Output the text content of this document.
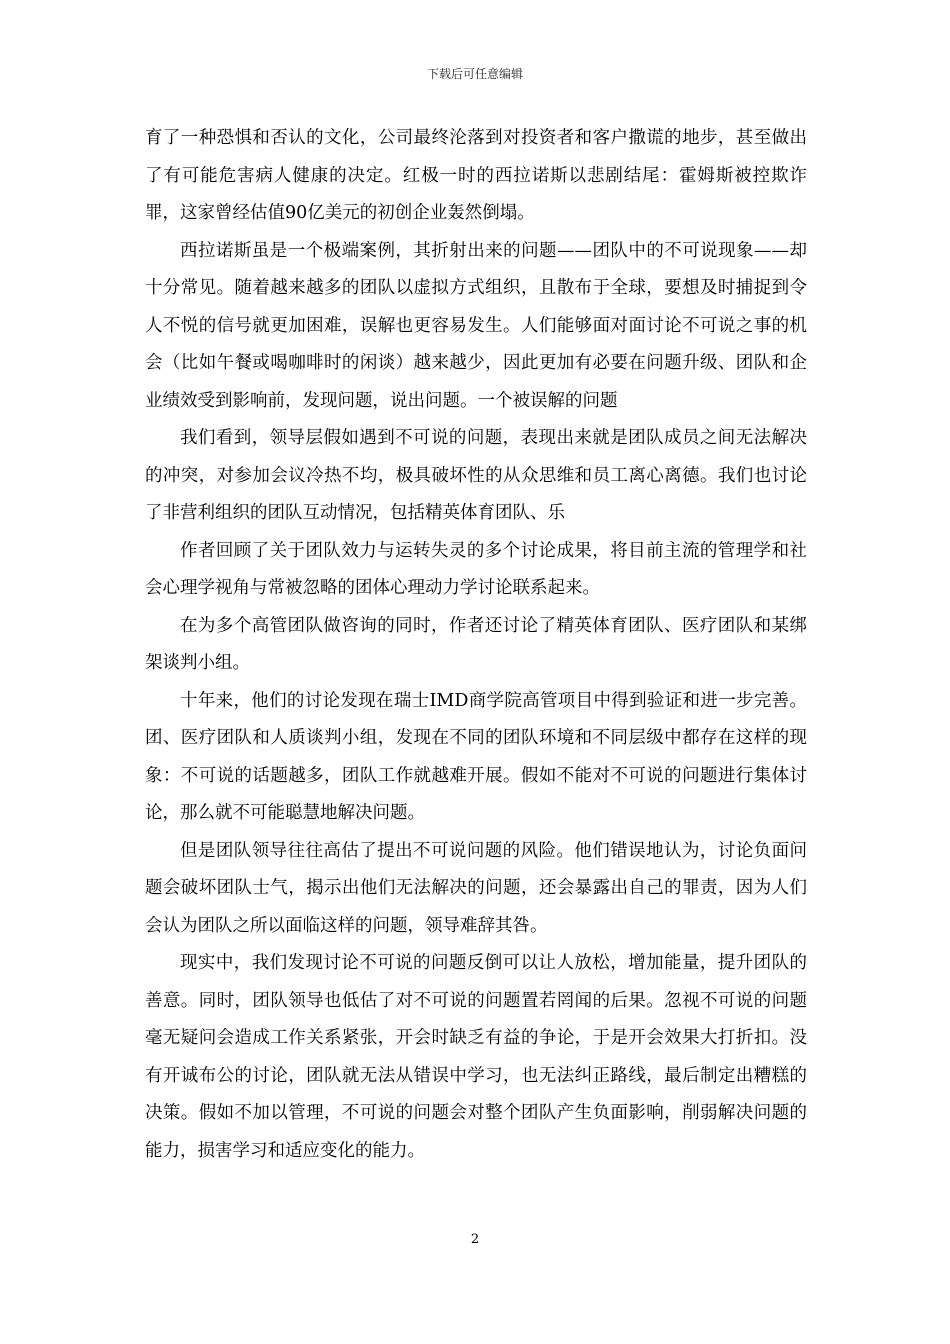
下载后可任意编辑

育了一种恐惧和否认的文化，公司最终沦落到对投资者和客户撒谎的地步，甚至做出了有可能危害病人健康的决定。红极一时的西拉诺斯以悲剧结尾：霍姆斯被控欺诈罪，这家曾经估值90亿美元的初创企业轰然倒塌。

西拉诺斯虽是一个极端案例，其折射出来的问题——团队中的不可说现象——却十分常见。随着越来越多的团队以虚拟方式组织，且散布于全球，要想及时捕捉到令人不悦的信号就更加困难，误解也更容易发生。人们能够面对面讨论不可说之事的机会（比如午餐或喝咖啡时的闲谈）越来越少，因此更加有必要在问题升级、团队和企业绩效受到影响前，发现问题，说出问题。一个被误解的问题

我们看到，领导层假如遇到不可说的问题，表现出来就是团队成员之间无法解决的冲突，对参加会议冷热不均，极具破坏性的从众思维和员工离心离德。我们也讨论了非营利组织的团队互动情况，包括精英体育团队、乐

作者回顾了关于团队效力与运转失灵的多个讨论成果，将目前主流的管理学和社会心理学视角与常被忽略的团体心理动力学讨论联系起来。

在为多个高管团队做咨询的同时，作者还讨论了精英体育团队、医疗团队和某绑架谈判小组。

十年来，他们的讨论发现在瑞士IMD商学院高管项目中得到验证和进一步完善。团、医疗团队和人质谈判小组，发现在不同的团队环境和不同层级中都存在这样的现象：不可说的话题越多，团队工作就越难开展。假如不能对不可说的问题进行集体讨论，那么就不可能聪慧地解决问题。

但是团队领导往往高估了提出不可说问题的风险。他们错误地认为，讨论负面问题会破坏团队士气，揭示出他们无法解决的问题，还会暴露出自己的罪责，因为人们会认为团队之所以面临这样的问题，领导难辞其咎。

现实中，我们发现讨论不可说的问题反倒可以让人放松，增加能量，提升团队的善意。同时，团队领导也低估了对不可说的问题置若罔闻的后果。忽视不可说的问题毫无疑问会造成工作关系紧张，开会时缺乏有益的争论，于是开会效果大打折扣。没有开诚布公的讨论，团队就无法从错误中学习，也无法纠正路线，最后制定出糟糕的决策。假如不加以管理，不可说的问题会对整个团队产生负面影响，削弱解决问题的能力，损害学习和适应变化的能力。

2
